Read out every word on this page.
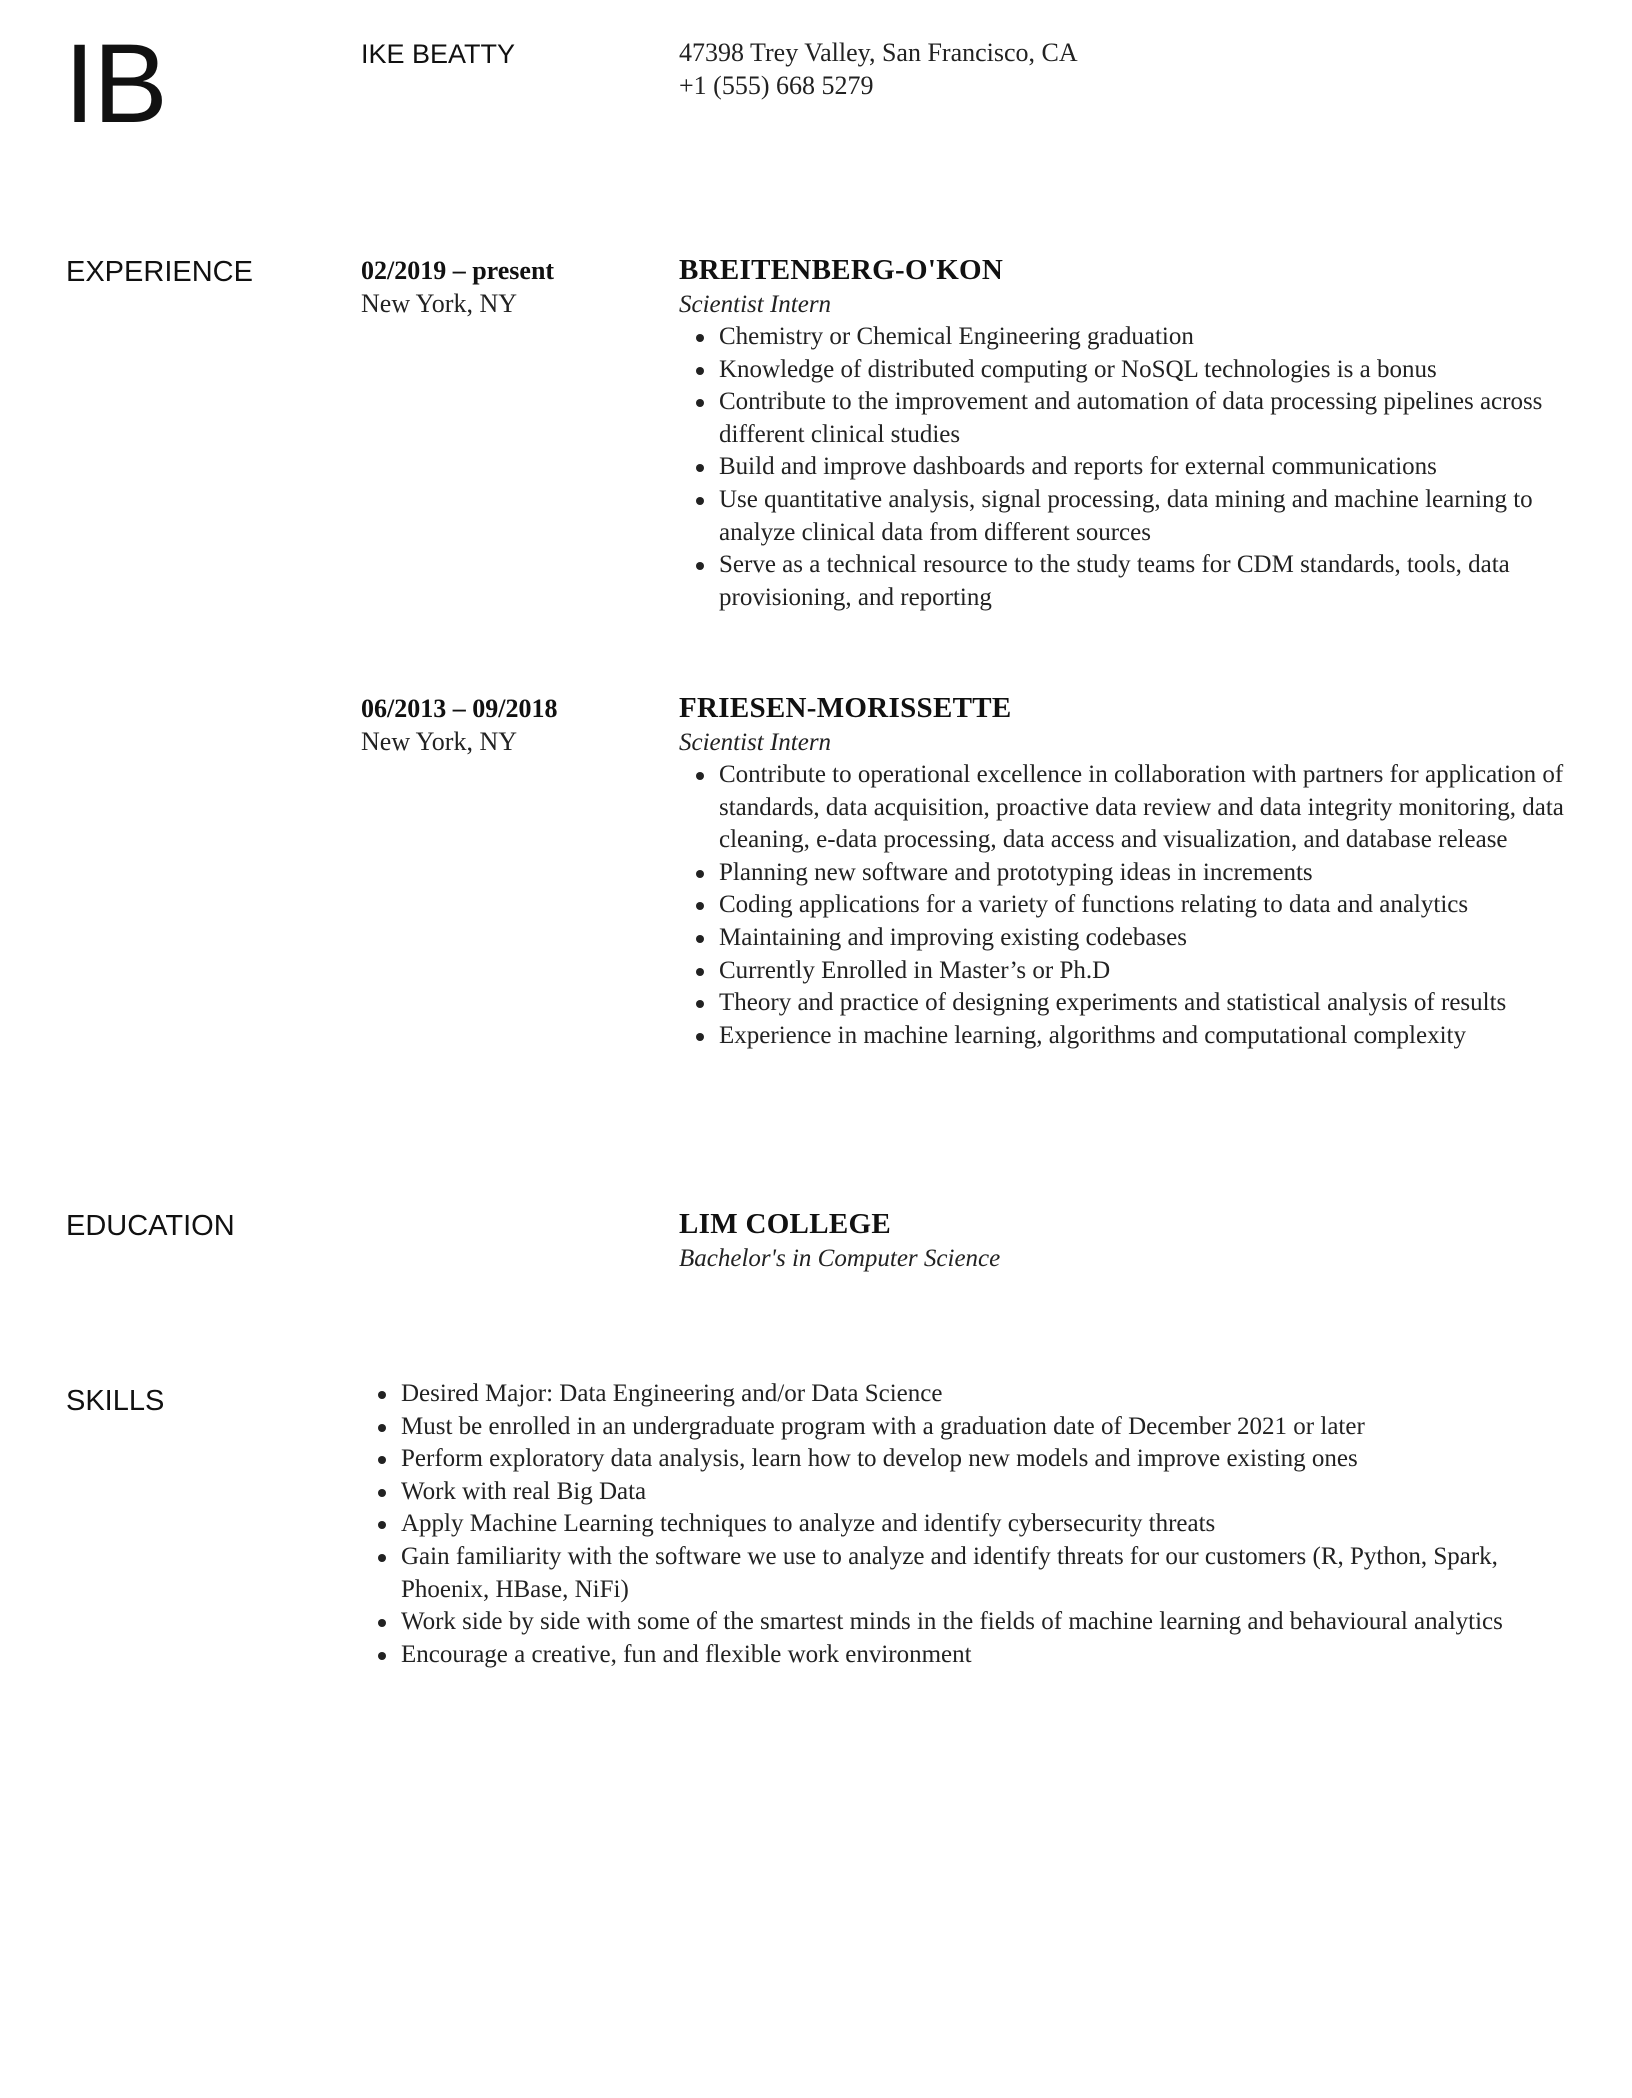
IB	IKE BEATTY	47398 Trey Valley, San Francisco, CA
+1 (555) 668 5279
EXPERIENCE	02/2019 – present
New York, NY
BREITENBERG-O'KON
Scientist Intern
Chemistry or Chemical Engineering graduation
Knowledge of distributed computing or NoSQL technologies is a bonus
Contribute to the improvement and automation of data processing pipelines across different clinical studies
Build and improve dashboards and reports for external communications
Use quantitative analysis, signal processing, data mining and machine learning to analyze clinical data from different sources
Serve as a technical resource to the study teams for CDM standards, tools, data provisioning, and reporting
06/2013 – 09/2018
New York, NY
FRIESEN-MORISSETTE
Scientist Intern
Contribute to operational excellence in collaboration with partners for application of standards, data acquisition, proactive data review and data integrity monitoring, data cleaning, e-data processing, data access and visualization, and database release
Planning new software and prototyping ideas in increments
Coding applications for a variety of functions relating to data and analytics
Maintaining and improving existing codebases
Currently Enrolled in Master’s or Ph.D
Theory and practice of designing experiments and statistical analysis of results
Experience in machine learning, algorithms and computational complexity
EDUCATION	LIM COLLEGE
Bachelor's in Computer Science
SKILLS	Desired Major: Data Engineering and/or Data Science
Must be enrolled in an undergraduate program with a graduation date of December 2021 or later
Perform exploratory data analysis, learn how to develop new models and improve existing ones
Work with real Big Data
Apply Machine Learning techniques to analyze and identify cybersecurity threats
Gain familiarity with the software we use to analyze and identify threats for our customers (R, Python, Spark, Phoenix, HBase, NiFi)
Work side by side with some of the smartest minds in the fields of machine learning and behavioural analytics
Encourage a creative, fun and flexible work environment
